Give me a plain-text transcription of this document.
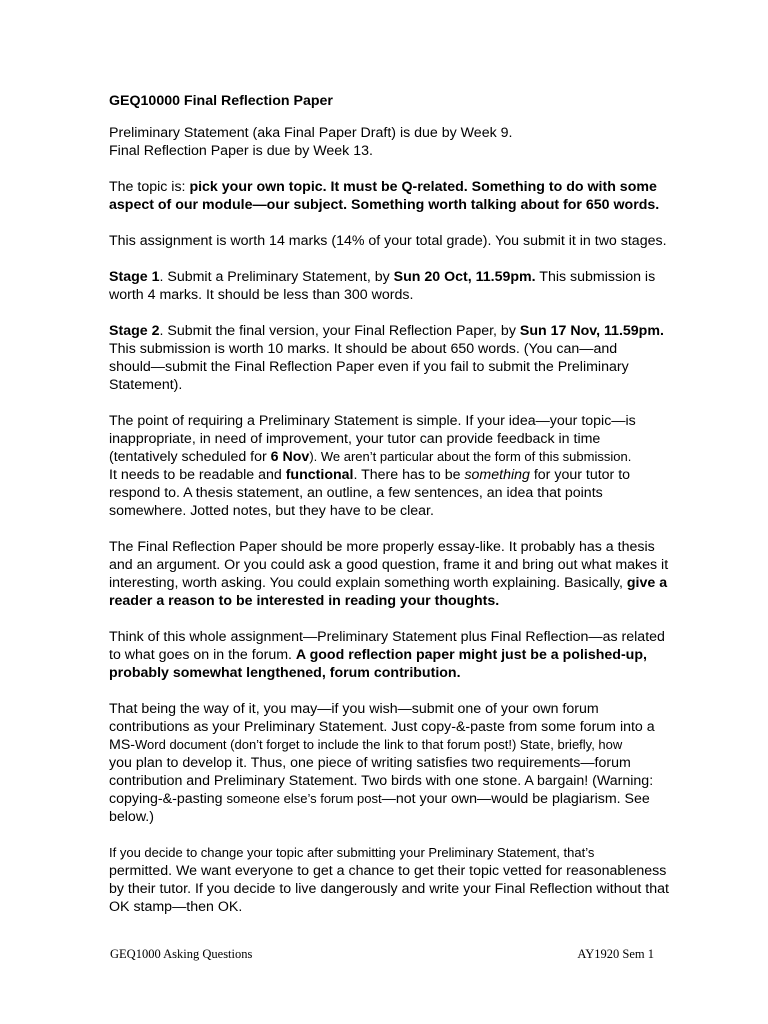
GEQ10000 Final Reflection Paper

Preliminary Statement (aka Final Paper Draft) is due by Week 9.
Final Reflection Paper is due by Week 13.

The topic is: pick your own topic. It must be Q-related. Something to do with some
aspect of our module—our subject. Something worth talking about for 650 words.

This assignment is worth 14 marks (14% of your total grade). You submit it in two stages.

Stage 1. Submit a Preliminary Statement, by Sun 20 Oct, 11.59pm. This submission is
worth 4 marks. It should be less than 300 words.

Stage 2. Submit the final version, your Final Reflection Paper, by Sun 17 Nov, 11.59pm.
This submission is worth 10 marks. It should be about 650 words. (You can—and
should—submit the Final Reflection Paper even if you fail to submit the Preliminary
Statement).

The point of requiring a Preliminary Statement is simple. If your idea—your topic—is
inappropriate, in need of improvement, your tutor can provide feedback in time
(tentatively scheduled for 6 Nov). We aren’t particular about the form of this submission.
It needs to be readable and functional. There has to be something for your tutor to
respond to. A thesis statement, an outline, a few sentences, an idea that points
somewhere. Jotted notes, but they have to be clear.

The Final Reflection Paper should be more properly essay-like. It probably has a thesis
and an argument. Or you could ask a good question, frame it and bring out what makes it
interesting, worth asking. You could explain something worth explaining. Basically, give a
reader a reason to be interested in reading your thoughts.

Think of this whole assignment—Preliminary Statement plus Final Reflection—as related
to what goes on in the forum. A good reflection paper might just be a polished-up,
probably somewhat lengthened, forum contribution.

That being the way of it, you may—if you wish—submit one of your own forum
contributions as your Preliminary Statement. Just copy-&-paste from some forum into a
MS-Word document (don’t forget to include the link to that forum post!) State, briefly, how
you plan to develop it. Thus, one piece of writing satisfies two requirements—forum
contribution and Preliminary Statement. Two birds with one stone. A bargain! (Warning:
copying-&-pasting someone else’s forum post—not your own—would be plagiarism. See
below.)

If you decide to change your topic after submitting your Preliminary Statement, that’s
permitted. We want everyone to get a chance to get their topic vetted for reasonableness
by their tutor. If you decide to live dangerously and write your Final Reflection without that
OK stamp—then OK.

GEQ1000 Asking Questions	AY1920 Sem 1
